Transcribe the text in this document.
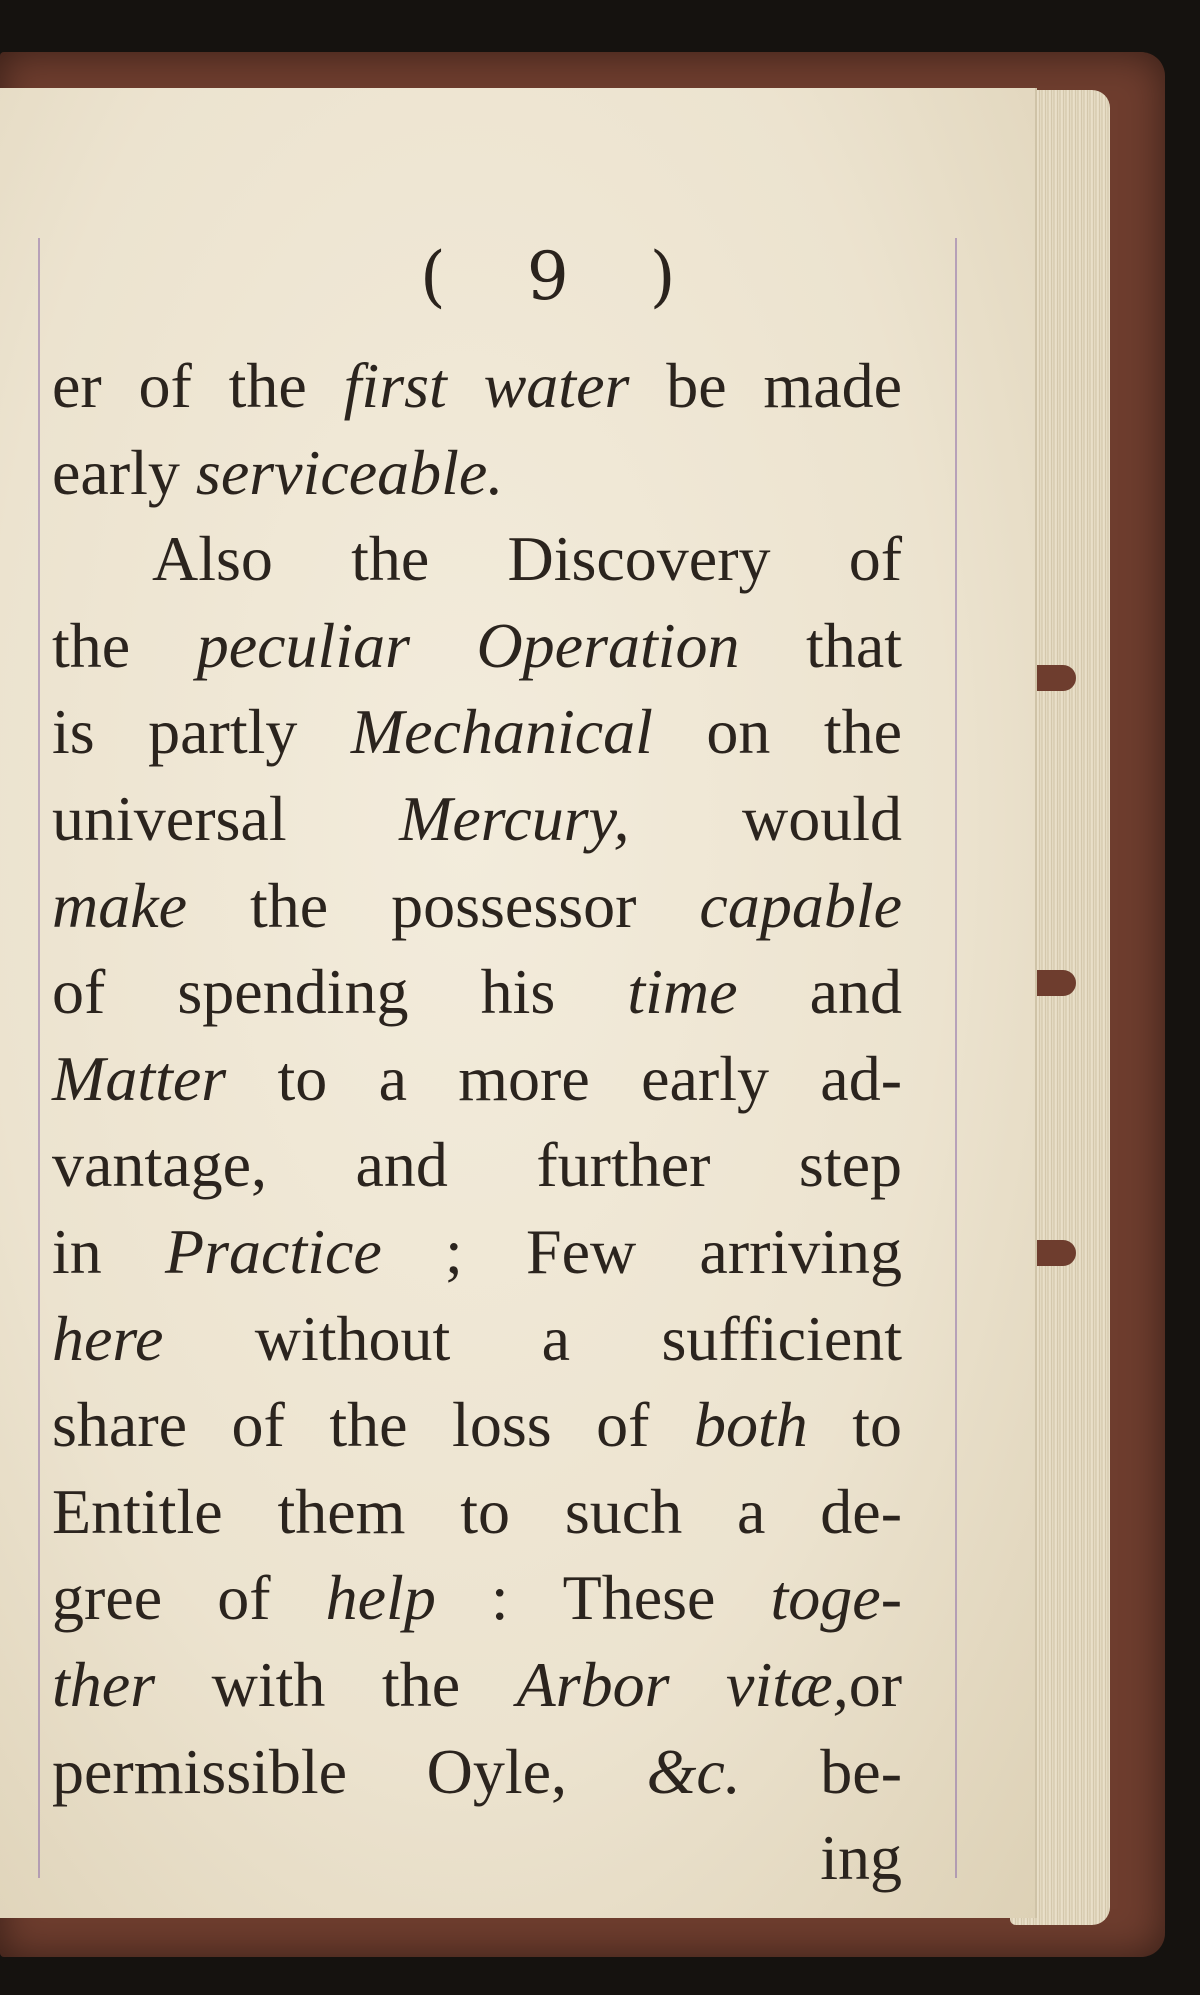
( 9 )
er of the first water be made
early serviceable.
Also the Discovery of
the peculiar Operation that
is partly Mechanical on the
universal Mercury, would
make the possessor capable
of spending his time and
Matter to a more early ad-
vantage, and further step
in Practice ; Few arriving
here without a sufficient
share of the loss of both to
Entitle them to such a de-
gree of help : These toge-
ther with the Arbor vitæ,or
permissible Oyle, &c. be-
ing
